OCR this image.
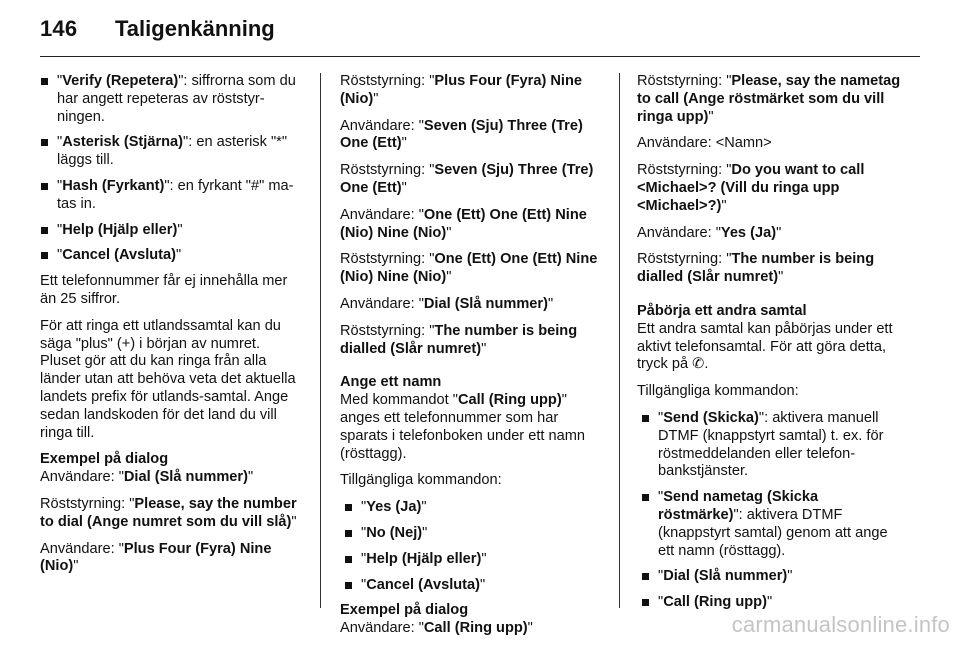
146 Taligenkänning
"Verify (Repetera)": siffrorna som du har angett repeteras av röststyr-ningen.
"Asterisk (Stjärna)": en asterisk "*" läggs till.
"Hash (Fyrkant)": en fyrkant "#" ma-tas in.
"Help (Hjälp eller)"
"Cancel (Avsluta)"

Ett telefonnummer får ej innehålla mer än 25 siffror.

För att ringa ett utlandssamtal kan du säga "plus" (+) i början av numret. Pluset gör att du kan ringa från alla länder utan att behöva veta det aktuella landets prefix för utlands-samtal. Ange sedan landskoden för det land du vill ringa till.

Exempel på dialog

Användare: "Dial (Slå nummer)"

Röststyrning: "Please, say the number to dial (Ange numret som du vill slå)"

Användare: "Plus Four (Fyra) Nine (Nio)"

Röststyrning: "Plus Four (Fyra) Nine (Nio)"

Användare: "Seven (Sju) Three (Tre) One (Ett)"

Röststyrning: "Seven (Sju) Three (Tre) One (Ett)"

Användare: "One (Ett) One (Ett) Nine (Nio) Nine (Nio)"

Röststyrning: "One (Ett) One (Ett) Nine (Nio) Nine (Nio)"

Användare: "Dial (Slå nummer)"

Röststyrning: "The number is being dialled (Slår numret)"

Ange ett namn

Med kommandot "Call (Ring upp)" anges ett telefonnummer som har sparats i telefonboken under ett namn (rösttagg).

Tillgängliga kommandon:

"Yes (Ja)"
"No (Nej)"
"Help (Hjälp eller)"
"Cancel (Avsluta)"
Exempel på dialog

Användare: "Call (Ring upp)"

Röststyrning: "Please, say the nametag to call (Ange röstmärket som du vill ringa upp)"

Användare: <Namn>

Röststyrning: "Do you want to call <Michael>? (Vill du ringa upp <Michael>?)"

Användare: "Yes (Ja)"

Röststyrning: "The number is being dialled (Slår numret)"

Påbörja ett andra samtal

Ett andra samtal kan påbörjas under ett aktivt telefonsamtal. För att göra detta, tryck på ✆.

Tillgängliga kommandon:

"Send (Skicka)": aktivera manuell DTMF (knappstyrt samtal) t. ex. för röstmeddelanden eller telefon-bankstjänster.
"Send nametag (Skicka röstmärke)": aktivera DTMF (knappstyrt samtal) genom att ange ett namn (rösttagg).
"Dial (Slå nummer)"
"Call (Ring upp)"
carmanualsonline.info
